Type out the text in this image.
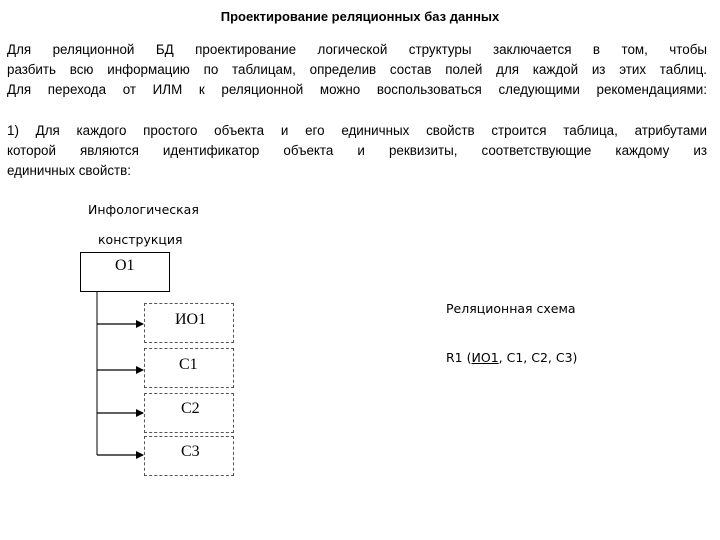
Проектирование реляционных баз данных
Для реляционной БД проектирование логической структуры заключается в том, чтобы
разбить всю информацию по таблицам, определив состав полей для каждой из этих таблиц.
Для перехода от ИЛМ к реляционной можно воспользоваться следующими рекомендациями:
1) Для каждого простого объекта и его единичных свойств строится таблица, атрибутами
которой являются идентификатор объекта и реквизиты, соответствующие каждому из
единичных свойств:
Инфологическая
конструкция
О1
ИО1
С1
С2
С3
Реляционная схема
R1 (ИО1, С1, С2, С3)
